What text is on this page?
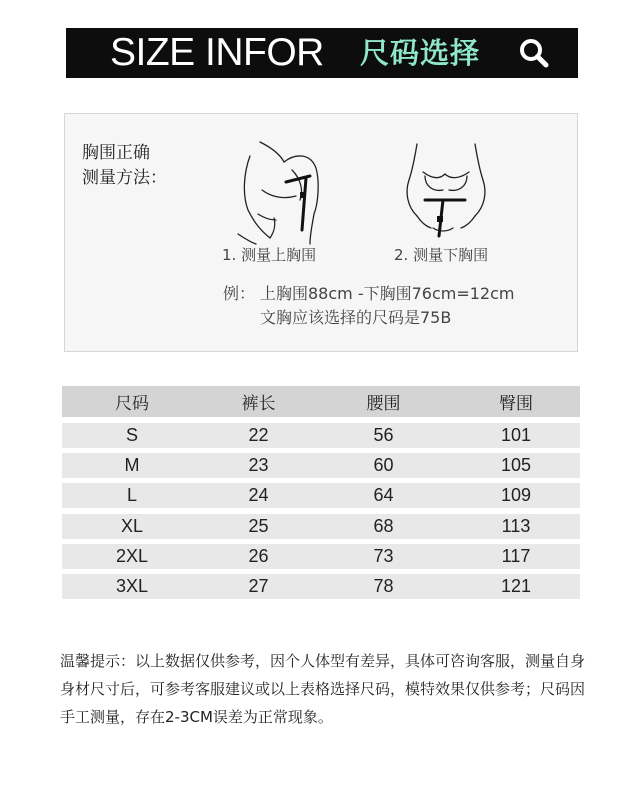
SIZE INFOR 尺码选择
胸围正确
测量方法：
1. 测量上胸围	2. 测量下胸围
例： 上胸围88cm -下胸围76cm=12cm
文胸应该选择的尺码是75B
尺码	裤长	腰围	臀围
S	22	56	101
M	23	60	105
L	24	64	109
XL	25	68	113
2XL	26	73	117
3XL	27	78	121
温馨提示：以上数据仅供参考，因个人体型有差异，具体可咨询客服，测量自身身材尺寸后，可参考客服建议或以上表格选择尺码，模特效果仅供参考；尺码因手工测量，存在2-3CM误差为正常现象。
